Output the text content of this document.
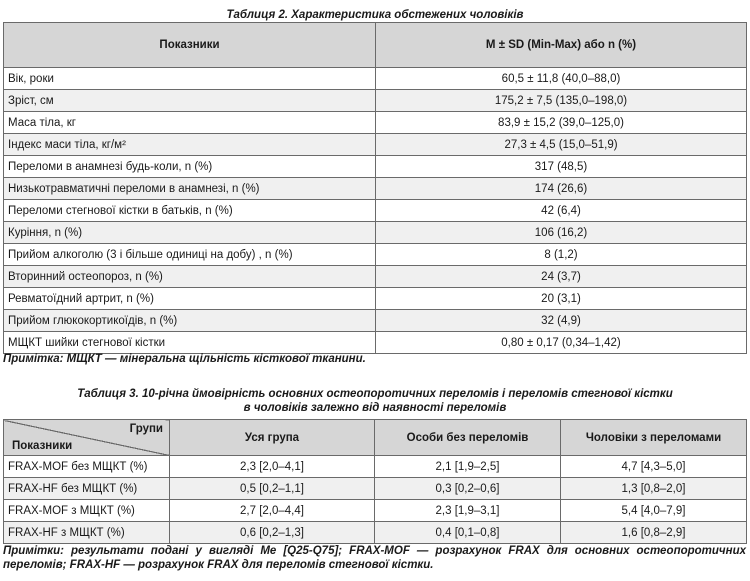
Таблиця 2. Характеристика обстежених чоловіків
Показники	M ± SD (Min-Max) або n (%)
Вік, роки	60,5 ± 11,8 (40,0–88,0)
Зріст, см	175,2 ± 7,5 (135,0–198,0)
Маса тіла, кг	83,9 ± 15,2 (39,0–125,0)
Індекс маси тіла, кг/м²	27,3 ± 4,5 (15,0–51,9)
Переломи в анамнезі будь-коли, n (%)	317 (48,5)
Низькотравматичні переломи в анамнезі, n (%)	174 (26,6)
Переломи стегнової кістки в батьків, n (%)	42 (6,4)
Куріння, n (%)	106 (16,2)
Прийом алкоголю (3 і більше одиниці на добу) , n (%)	8 (1,2)
Вторинний остеопороз, n (%)	24 (3,7)
Ревматоїдний артрит, n (%)	20 (3,1)
Прийом глюкокортикоїдів, n (%)	32 (4,9)
МЩКТ шийки стегнової кістки	0,80 ± 0,17 (0,34–1,42)
Примітка: МЩКТ — мінеральна щільність кісткової тканини.
Таблиця 3. 10-річна ймовірність основних остеопоротичних переломів і переломів стегнової кістки
в чоловіків залежно від наявності переломів
Групи
Показники	Уся група	Особи без переломів	Чоловіки з переломами
FRAX-MOF без МЩКТ (%)	2,3 [2,0–4,1]	2,1 [1,9–2,5]	4,7 [4,3–5,0]
FRAX-HF без МЩКТ (%)	0,5 [0,2–1,1]	0,3 [0,2–0,6]	1,3 [0,8–2,0]
FRAX-MOF з МЩКТ (%)	2,7 [2,0–4,4]	2,3 [1,9–3,1]	5,4 [4,0–7,9]
FRAX-HF з МЩКТ (%)	0,6 [0,2–1,3]	0,4 [0,1–0,8]	1,6 [0,8–2,9]
Примітки: результати подані у вигляді Ме [Q25-Q75]; FRAX-MOF — розрахунок FRAX для основних остеопоротичних переломів; FRAX-HF — розрахунок FRAX для переломів стегнової кістки.
